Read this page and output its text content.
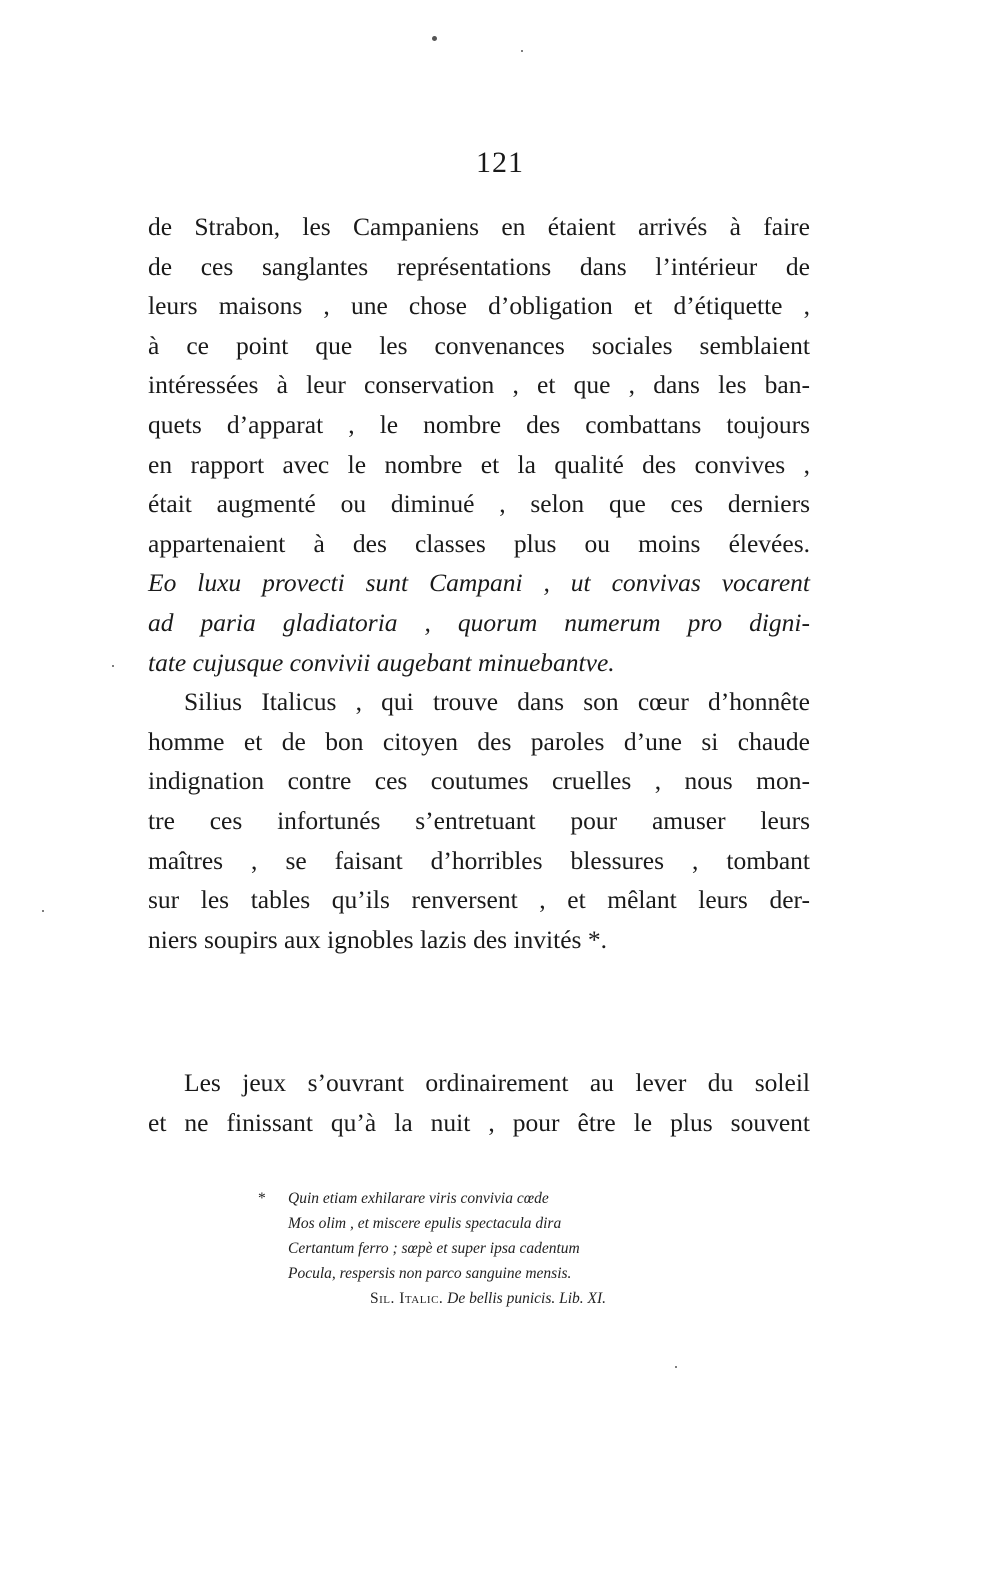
121
de Strabon, les Campaniens en étaient arrivés à faire
de ces sanglantes représentations dans l’intérieur de
leurs maisons , une chose d’obligation et d’étiquette ,
à ce point que les convenances sociales semblaient
intéressées à leur conservation , et que , dans les ban-
quets d’apparat , le nombre des combattans toujours
en rapport avec le nombre et la qualité des convives ,
était augmenté ou diminué , selon que ces derniers
appartenaient à des classes plus ou moins élevées.
Eo luxu provecti sunt Campani , ut convivas vocarent
ad paria gladiatoria , quorum numerum pro digni-
tate cujusque convivii augebant minuebantve.
Silius Italicus , qui trouve dans son cœur d’honnête
homme et de bon citoyen des paroles d’une si chaude
indignation contre ces coutumes cruelles , nous mon-
tre ces infortunés s’entretuant pour amuser leurs
maîtres , se faisant d’horribles blessures , tombant
sur les tables qu’ils renversent , et mêlant leurs der-
niers soupirs aux ignobles lazis des invités *.
Les jeux s’ouvrant ordinairement au lever du soleil
et ne finissant qu’à la nuit , pour être le plus souvent
*	Quin etiam exhilarare viris convivia cœde
Mos olim , et miscere epulis spectacula dira
Certantum ferro ; sœpè et super ipsa cadentum
Pocula, respersis non parco sanguine mensis.
Sil. Italic. De bellis punicis. Lib. XI.
